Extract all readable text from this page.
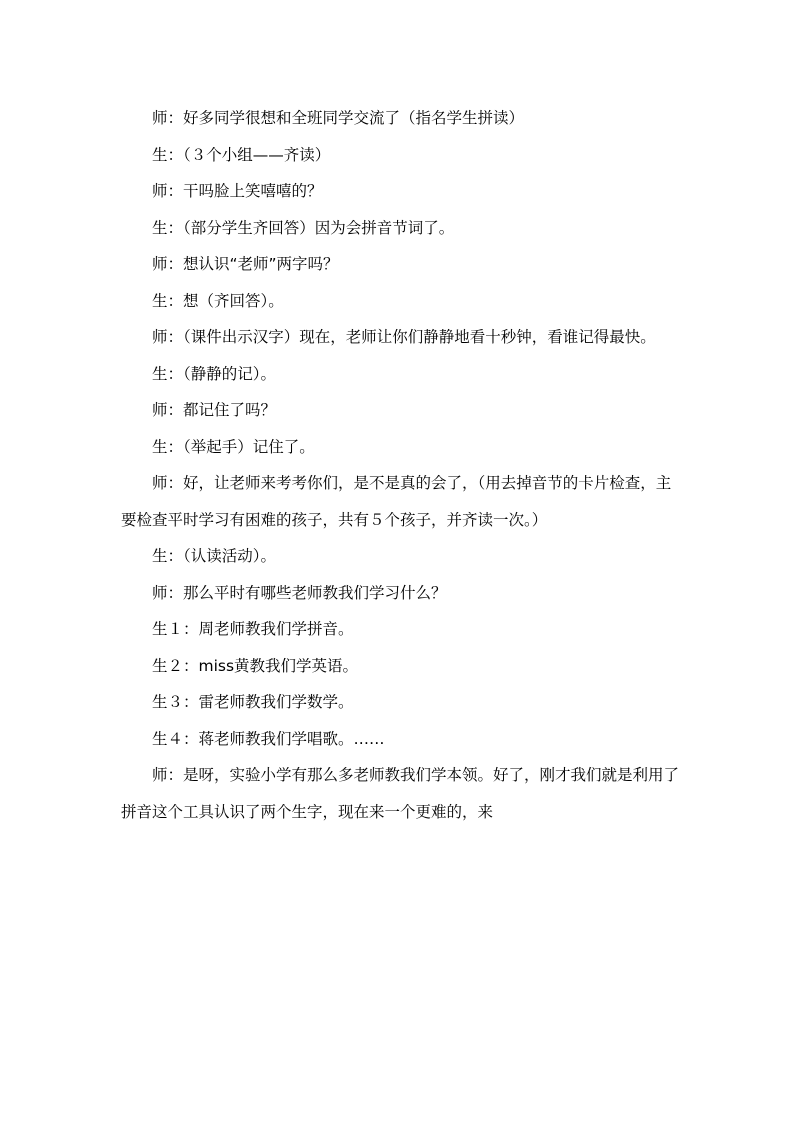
师：好多同学很想和全班同学交流了（指名学生拼读）

生：（３个小组——齐读）

师：干吗脸上笑嘻嘻的？

生：（部分学生齐回答）因为会拼音节词了。

师：想认识“老师”两字吗？

生：想（齐回答）。

师：（课件出示汉字）现在，老师让你们静静地看十秒钟，看谁记得最快。

生：（静静的记）。

师：都记住了吗？

生：（举起手）记住了。

师：好，让老师来考考你们，是不是真的会了，（用去掉音节的卡片检查，主要检查平时学习有困难的孩子，共有５个孩子，并齐读一次。）

生：（认读活动）。

师：那么平时有哪些老师教我们学习什么？

生１：周老师教我们学拼音。

生２：miss黄教我们学英语。

生３：雷老师教我们学数学。

生４：蒋老师教我们学唱歌。……

师：是呀，实验小学有那么多老师教我们学本领。好了，刚才我们就是利用了拼音这个工具认识了两个生字，现在来一个更难的，来
